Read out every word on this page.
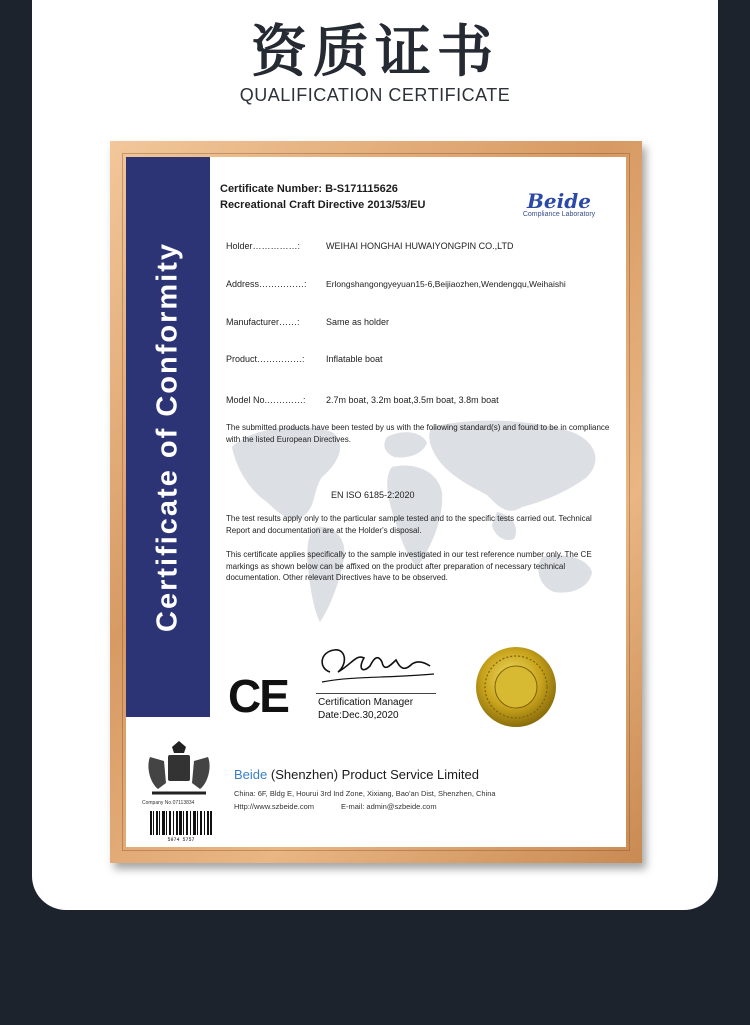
资质证书
QUALIFICATION CERTIFICATE
Certificate of Conformity
Certificate Number: B-S171115626
Recreational Craft Directive 2013/53/EU	Beide
Compliance Laboratory
Holder……………:	WEIHAI HONGHAI HUWAIYONGPIN CO.,LTD
Address……………: Erlongshangongyeyuan15-6,Beijiaozhen,Wendengqu,Weihaishi
Manufacturer……:	Same as holder
Product……………: Inflatable boat
Model No.…………: 2.7m boat, 3.2m boat,3.5m boat, 3.8m boat
The submitted products have been tested by us with the following standard(s) and found to be in compliance with the listed European Directives.
EN ISO 6185-2:2020
The test results apply only to the particular sample tested and to the specific tests carried out. Technical Report and documentation are at the Holder's disposal.
This certificate applies specifically to the sample investigated in our test reference number only. The CE markings as shown below can be affixed on the product after preparation of necessary technical documentation. Other relevant Directives have to be observed.
CE	Certification Manager
Date:Dec.30,2020
Company No.07113834
5974 5757
Beide (Shenzhen) Product Service Limited
China: 6F, Bldg E, Hourui 3rd Ind Zone, Xixiang, Bao'an Dist, Shenzhen, China
Http://www.szbeide.com	E-mail: admin@szbeide.com
